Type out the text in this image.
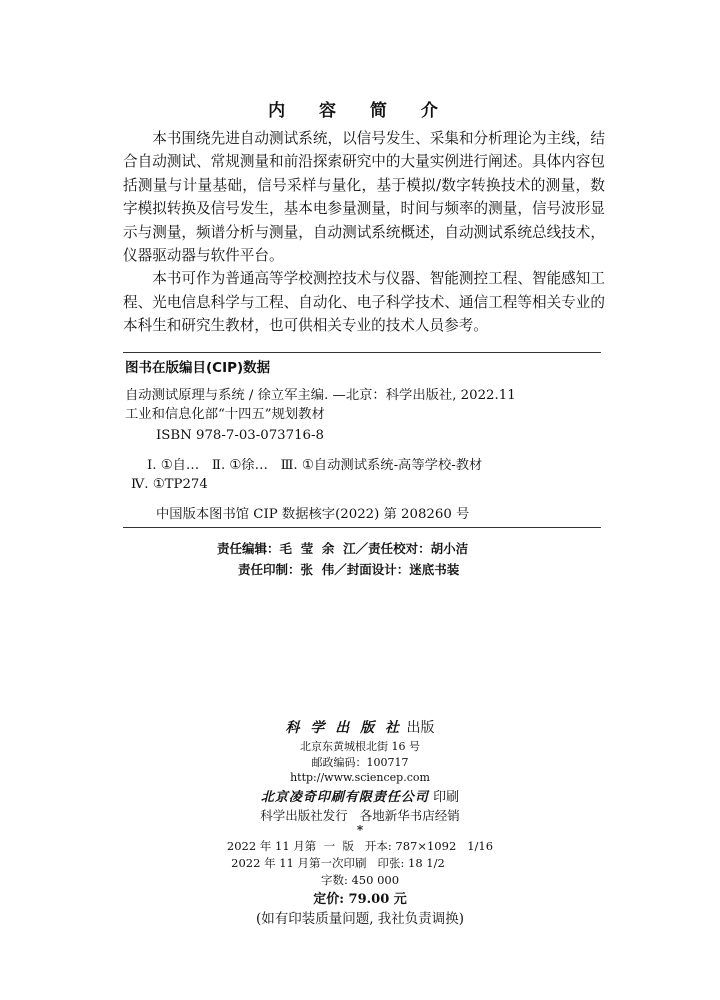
内 容 简 介

本书围绕先进自动测试系统，以信号发生、采集和分析理论为主线，结合自动测试、常规测量和前沿探索研究中的大量实例进行阐述。具体内容包括测量与计量基础，信号采样与量化，基于模拟/数字转换技术的测量，数字模拟转换及信号发生，基本电参量测量，时间与频率的测量，信号波形显示与测量，频谱分析与测量，自动测试系统概述，自动测试系统总线技术，仪器驱动器与软件平台。

本书可作为普通高等学校测控技术与仪器、智能测控工程、智能感知工程、光电信息科学与工程、自动化、电子科学技术、通信工程等相关专业的本科生和研究生教材，也可供相关专业的技术人员参考。

图书在版编目(CIP)数据
自动测试原理与系统 / 徐立军主编. —北京：科学出版社, 2022.11
工业和信息化部“十四五”规划教材
ISBN 978-7-03-073716-8
Ⅰ. ①自…   Ⅱ. ①徐…   Ⅲ. ①自动测试系统-高等学校-教材
Ⅳ. ①TP274
中国版本图书馆 CIP 数据核字(2022) 第 208260 号
责任编辑：毛  莹  余  江／责任校对：胡小洁
责任印制：张  伟／封面设计：迷底书装
科 学 出 版 社 出版
北京东黄城根北街 16 号
邮政编码：100717
http://www.sciencep.com
北京凌奇印刷有限责任公司 印刷
科学出版社发行   各地新华书店经销
*
2022 年 11 月第  一  版   开本: 787×1092   1/16
2022 年 11 月第一次印刷   印张: 18 1/2
字数: 450 000
定价: 79.00 元
(如有印装质量问题, 我社负责调换)
